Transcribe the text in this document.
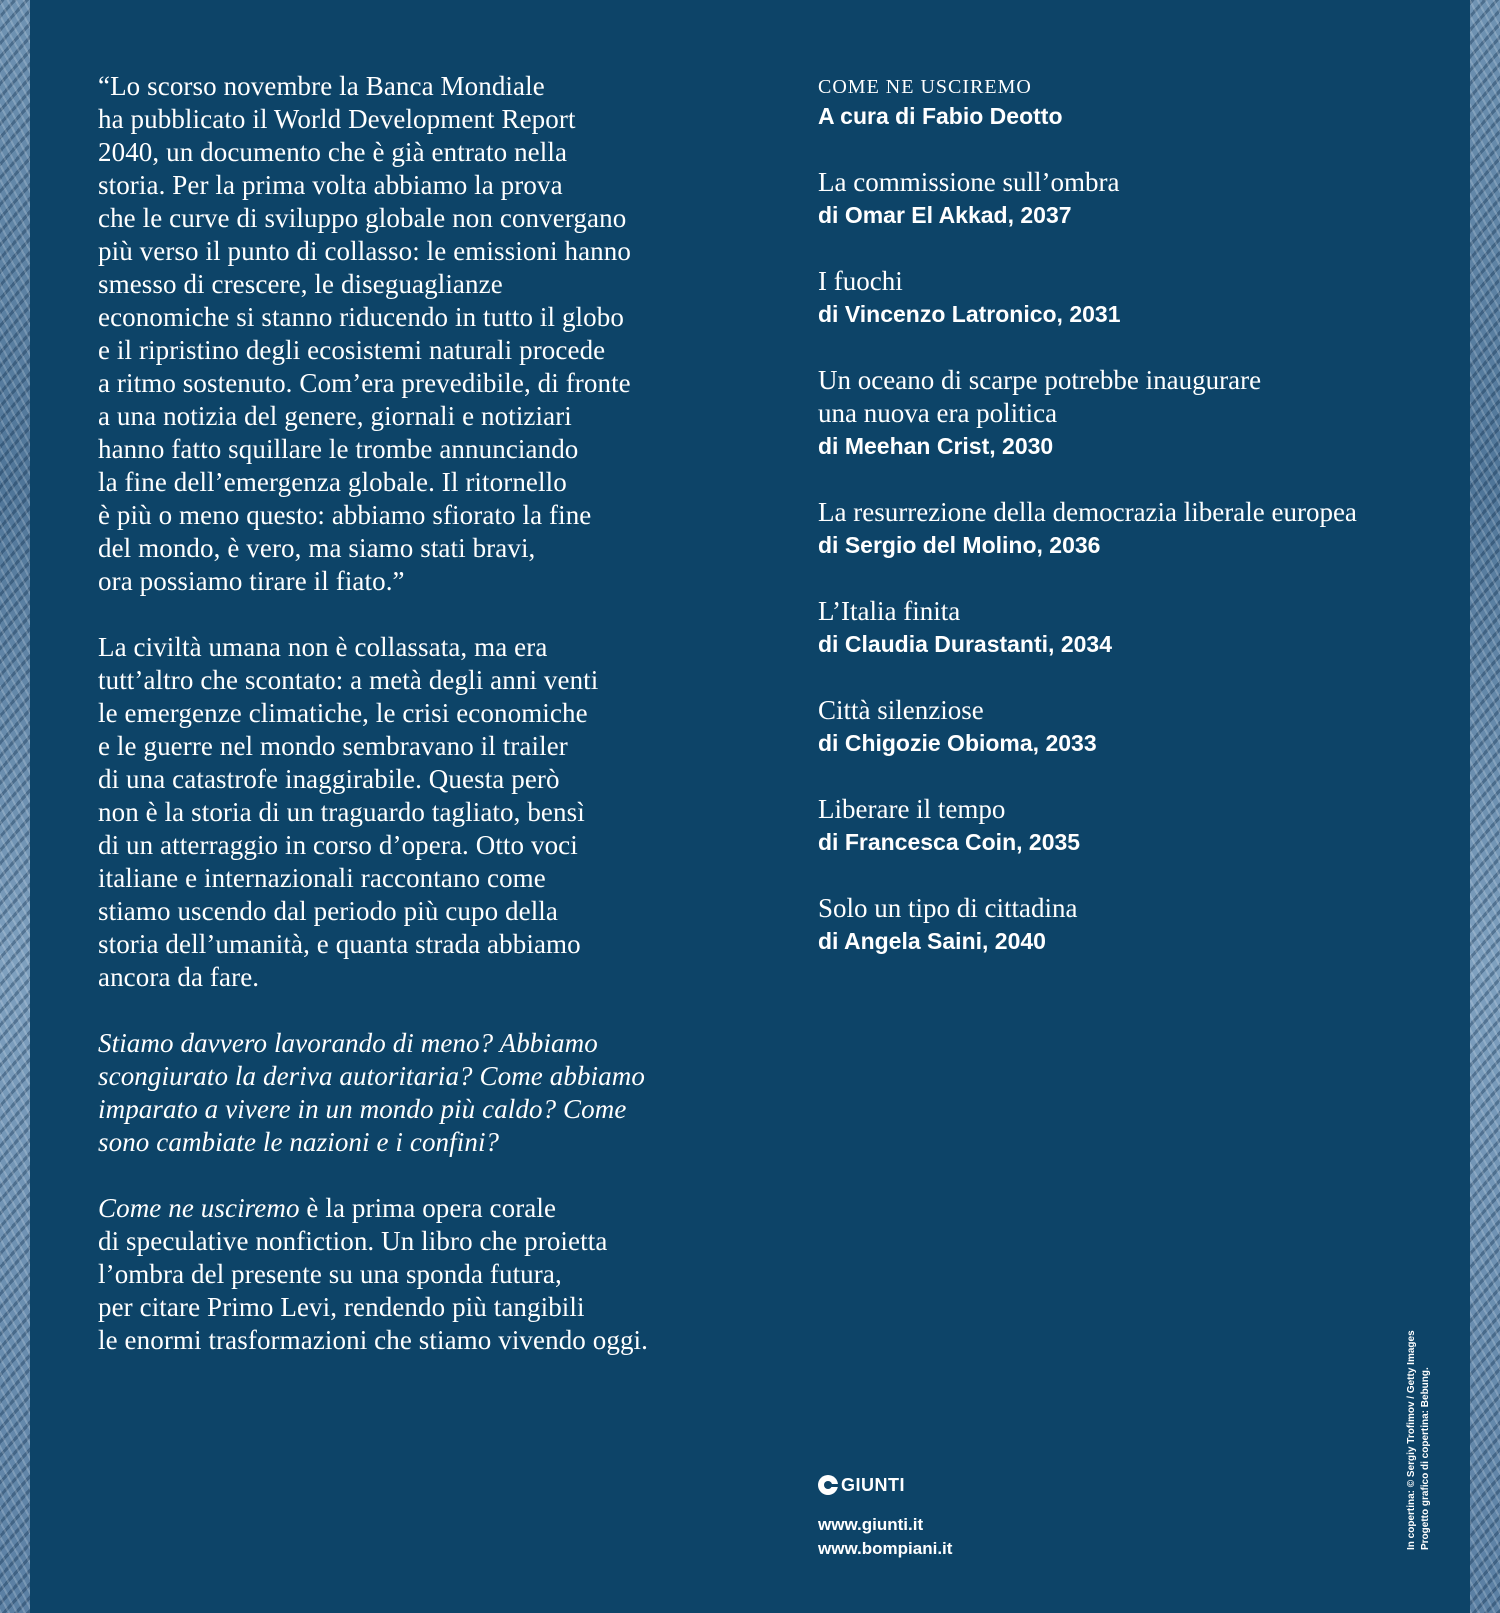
“Lo scorso novembre la Banca Mondiale
ha pubblicato il World Development Report
2040, un documento che è già entrato nella
storia. Per la prima volta abbiamo la prova
che le curve di sviluppo globale non convergano
più verso il punto di collasso: le emissioni hanno
smesso di crescere, le diseguaglianze
economiche si stanno riducendo in tutto il globo
e il ripristino degli ecosistemi naturali procede
a ritmo sostenuto. Com’era prevedibile, di fronte
a una notizia del genere, giornali e notiziari
hanno fatto squillare le trombe annunciando
la fine dell’emergenza globale. Il ritornello
è più o meno questo: abbiamo sfiorato la fine
del mondo, è vero, ma siamo stati bravi,
ora possiamo tirare il fiato.”

La civiltà umana non è collassata, ma era
tutt’altro che scontato: a metà degli anni venti
le emergenze climatiche, le crisi economiche
e le guerre nel mondo sembravano il trailer
di una catastrofe inaggirabile. Questa però
non è la storia di un traguardo tagliato, bensì
di un atterraggio in corso d’opera. Otto voci
italiane e internazionali raccontano come
stiamo uscendo dal periodo più cupo della
storia dell’umanità, e quanta strada abbiamo
ancora da fare.

Stiamo davvero lavorando di meno? Abbiamo
scongiurato la deriva autoritaria? Come abbiamo
imparato a vivere in un mondo più caldo? Come
sono cambiate le nazioni e i confini?

Come ne usciremo è la prima opera corale
di speculative nonfiction. Un libro che proietta
l’ombra del presente su una sponda futura,
per citare Primo Levi, rendendo più tangibili
le enormi trasformazioni che stiamo vivendo oggi.

COME NE USCIREMO

A cura di Fabio Deotto

La commissione sull’ombra

di Omar El Akkad, 2037

I fuochi

di Vincenzo Latronico, 2031

Un oceano di scarpe potrebbe inaugurare
una nuova era politica

di Meehan Crist, 2030

La resurrezione della democrazia liberale europea

di Sergio del Molino, 2036

L’Italia finita

di Claudia Durastanti, 2034

Città silenziose

di Chigozie Obioma, 2033

Liberare il tempo

di Francesca Coin, 2035

Solo un tipo di cittadina

di Angela Saini, 2040

GIUNTI

www.giunti.it

www.bompiani.it	In copertina: © Sergiy Trofimov / Getty Images Progetto grafico di copertina: Bebung.
